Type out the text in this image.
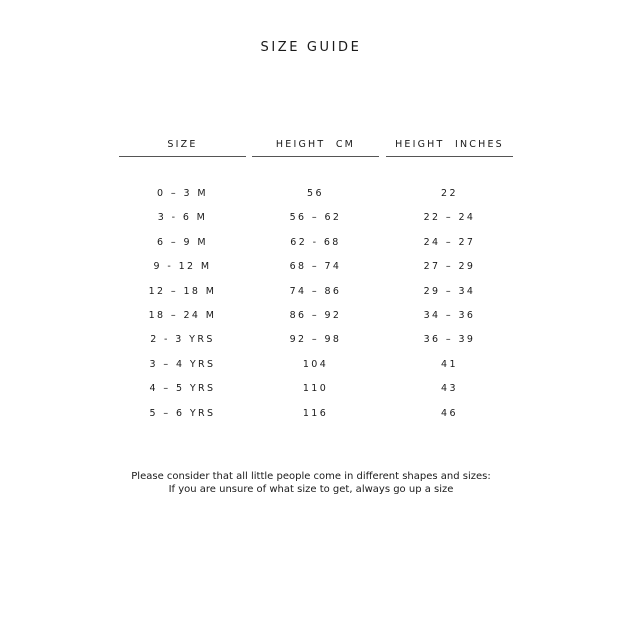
SIZE GUIDE
SIZE
0 – 3 M
3 - 6 M
6 – 9 M
9 - 12 M
12 – 18 M
18 – 24 M
2 - 3 YRS
3 – 4 YRS
4 – 5 YRS
5 – 6 YRS
HEIGHT  CM
56
56 – 62
62 - 68
68 – 74
74 – 86
86 – 92
92 – 98
104
110
116
HEIGHT  INCHES
22
22 – 24
24 – 27
27 – 29
29 – 34
34 – 36
36 – 39
41
43
46
Please consider that all little people come in different shapes and sizes:
If you are unsure of what size to get, always go up a size
